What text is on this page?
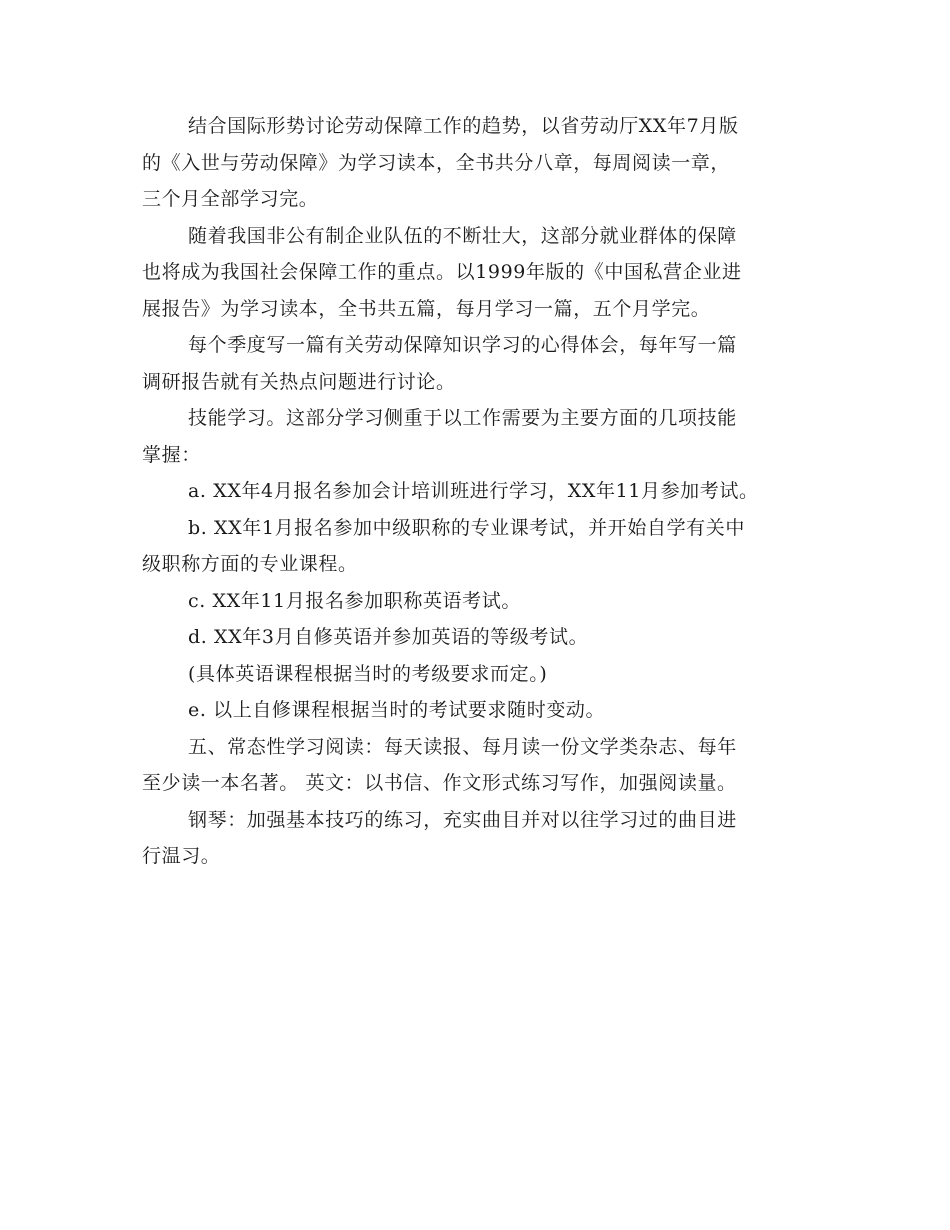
结合国际形势讨论劳动保障工作的趋势，以省劳动厅XX年7月版
的《入世与劳动保障》为学习读本，全书共分八章，每周阅读一章，
三个月全部学习完。
随着我国非公有制企业队伍的不断壮大，这部分就业群体的保障
也将成为我国社会保障工作的重点。以1999年版的《中国私营企业进
展报告》为学习读本，全书共五篇，每月学习一篇，五个月学完。
每个季度写一篇有关劳动保障知识学习的心得体会，每年写一篇
调研报告就有关热点问题进行讨论。
技能学习。这部分学习侧重于以工作需要为主要方面的几项技能
掌握：
a. XX年4月报名参加会计培训班进行学习，XX年11月参加考试。
b. XX年1月报名参加中级职称的专业课考试，并开始自学有关中
级职称方面的专业课程。
c. XX年11月报名参加职称英语考试。
d. XX年3月自修英语并参加英语的等级考试。
(具体英语课程根据当时的考级要求而定。)
e. 以上自修课程根据当时的考试要求随时变动。
五、常态性学习阅读：每天读报、每月读一份文学类杂志、每年
至少读一本名著。 英文：以书信、作文形式练习写作，加强阅读量。
钢琴：加强基本技巧的练习，充实曲目并对以往学习过的曲目进
行温习。
